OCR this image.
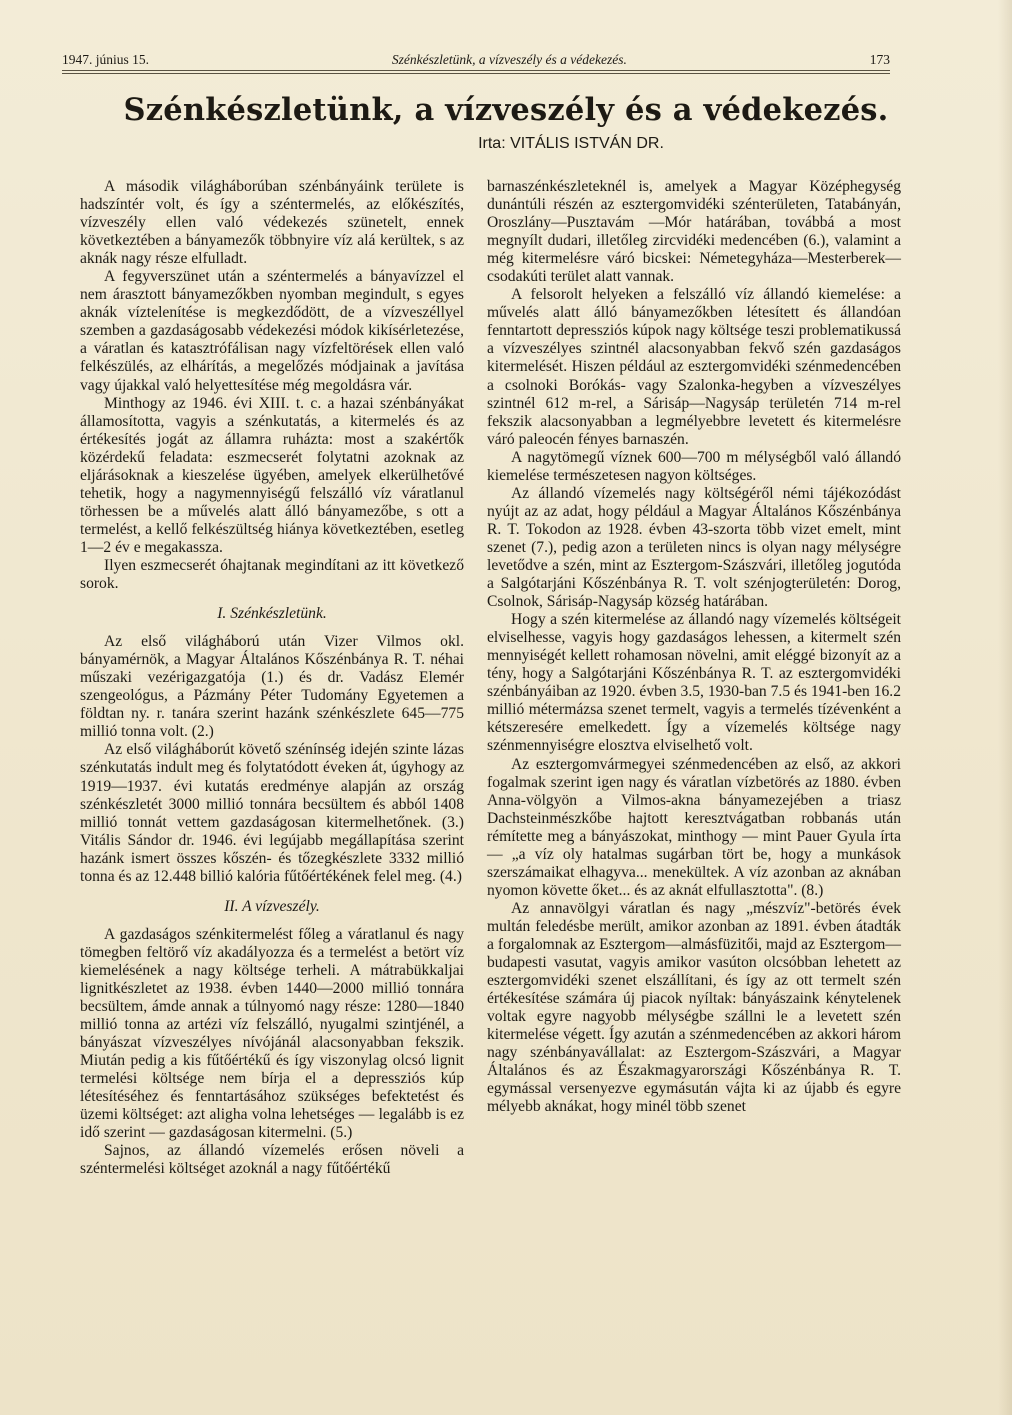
1947. június 15.	Szénkészletünk, a vízveszély és a védekezés.	173
Szénkészletünk, a vízveszély és a védekezés.
Irta: VITÁLIS ISTVÁN DR.

A második világháborúban szénbányáink területe is hadszíntér volt, és így a széntermelés, az előkészítés, vízveszély ellen való védekezés szünetelt, ennek következtében a bányamezők többnyire víz alá kerültek, s az aknák nagy része elfulladt.

A fegyverszünet után a széntermelés a bányavízzel el nem árasztott bányamezőkben nyomban megindult, s egyes aknák víztelenítése is megkezdődött, de a vízveszéllyel szemben a gazdaságosabb védekezési módok kikísérletezése, a váratlan és katasztrófálisan nagy vízfeltörések ellen való felkészülés, az elhárítás, a megelőzés módjainak a javítása vagy újakkal való helyettesítése még megoldásra vár.

Minthogy az 1946. évi XIII. t. c. a hazai szénbányákat államosította, vagyis a szénkutatás, a kitermelés és az értékesítés jogát az államra ruházta: most a szakértők közérdekű feladata: eszmecserét folytatni azoknak az eljárásoknak a kieszelése ügyében, amelyek elkerülhetővé tehetik, hogy a nagymennyiségű felszálló víz váratlanul törhessen be a művelés alatt álló bányamezőbe, s ott a termelést, a kellő felkészültség hiánya következtében, esetleg 1—2 év e megakassza.

Ilyen eszmecserét óhajtanak megindítani az itt következő sorok.

I. Szénkészletünk.

Az első világháború után Vizer Vilmos okl. bányamérnök, a Magyar Általános Kőszénbánya R. T. néhai műszaki vezérigazgatója (1.) és dr. Vadász Elemér szengeológus, a Pázmány Péter Tudomány Egyetemen a földtan ny. r. tanára szerint hazánk szénkészlete 645—775 millió tonna volt. (2.)

Az első világháborút követő szénínség idején szinte lázas szénkutatás indult meg és folytatódott éveken át, úgyhogy az 1919—1937. évi kutatás eredménye alapján az ország szénkészletét 3000 millió tonnára becsültem és abból 1408 millió tonnát vettem gazdaságosan kitermelhetőnek. (3.) Vitális Sándor dr. 1946. évi legújabb megállapítása szerint hazánk ismert összes kőszén- és tőzegkészlete 3332 millió tonna és az 12.448 billió kalória fűtőértékének felel meg. (4.)

II. A vízveszély.

A gazdaságos szénkitermelést főleg a váratlanul és nagy tömegben feltörő víz akadályozza és a termelést a betört víz kiemelésének a nagy költsége terheli. A mátrabükkaljai lignitkészletet az 1938. évben 1440—2000 millió tonnára becsültem, ámde annak a túlnyomó nagy része: 1280—1840 millió tonna az artézi víz felszálló, nyugalmi szintjénél, a bányászat vízveszélyes nívójánál alacsonyabban fekszik. Miután pedig a kis fűtőértékű és így viszonylag olcsó lignit termelési költsége nem bírja el a depressziós kúp létesítéséhez és fenntartásához szükséges befektetést és üzemi költséget: azt aligha volna lehetséges — legalább is ez idő szerint — gazdaságosan kitermelni. (5.)

Sajnos, az állandó vízemelés erősen növeli a széntermelési költséget azoknál a nagy fűtőértékű

barnaszénkészleteknél is, amelyek a Magyar Középhegység dunántúli részén az esztergomvidéki szénterületen, Tatabányán, Oroszlány—Pusztavám —Mór határában, továbbá a most megnyílt dudari, illetőleg zircvidéki medencében (6.), valamint a még kitermelésre váró bicskei: Németegyháza—Mesterberek—csodakúti terület alatt vannak.

A felsorolt helyeken a felszálló víz állandó kiemelése: a művelés alatt álló bányamezőkben létesített és állandóan fenntartott depressziós kúpok nagy költsége teszi problematikussá a vízveszélyes szintnél alacsonyabban fekvő szén gazdaságos kitermelését. Hiszen például az esztergomvidéki szénmedencében a csolnoki Borókás- vagy Szalonka-hegyben a vízveszélyes szintnél 612 m-rel, a Sárisáp—Nagysáp területén 714 m-rel fekszik alacsonyabban a legmélyebbre levetett és kitermelésre váró paleocén fényes barnaszén.

A nagytömegű víznek 600—700 m mélységből való állandó kiemelése természetesen nagyon költséges.

Az állandó vízemelés nagy költségéről némi tájékozódást nyújt az az adat, hogy például a Magyar Általános Kőszénbánya R. T. Tokodon az 1928. évben 43-szorta több vizet emelt, mint szenet (7.), pedig azon a területen nincs is olyan nagy mélységre levetődve a szén, mint az Esztergom-Szászvári, illetőleg jogutóda a Salgótarjáni Kőszénbánya R. T. volt szénjogterületén: Dorog, Csolnok, Sárisáp-Nagysáp község határában.

Hogy a szén kitermelése az állandó nagy vízemelés költségeit elviselhesse, vagyis hogy gazdaságos lehessen, a kitermelt szén mennyiségét kellett rohamosan növelni, amit eléggé bizonyít az a tény, hogy a Salgótarjáni Kőszénbánya R. T. az esztergomvidéki szénbányáiban az 1920. évben 3.5, 1930-ban 7.5 és 1941-ben 16.2 millió métermázsa szenet termelt, vagyis a termelés tízévenként a kétszeresére emelkedett. Így a vízemelés költsége nagy szénmennyiségre elosztva elviselhető volt.

Az esztergomvármegyei szénmedencében az első, az akkori fogalmak szerint igen nagy és váratlan vízbetörés az 1880. évben Anna-völgyön a Vilmos-akna bányamezejében a triasz Dachsteinmészkőbe hajtott keresztvágatban robbanás után rémítette meg a bányászokat, minthogy — mint Pauer Gyula írta — „a víz oly hatalmas sugárban tört be, hogy a munkások szerszámaikat elhagyva... menekültek. A víz azonban az aknában nyomon követte őket... és az aknát elfullasztotta". (8.)

Az annavölgyi váratlan és nagy „mészvíz"-betörés évek multán feledésbe merült, amikor azonban az 1891. évben átadták a forgalomnak az Esztergom—almásfüzitői, majd az Esztergom—budapesti vasutat, vagyis amikor vasúton olcsóbban lehetett az esztergomvidéki szenet elszállítani, és így az ott termelt szén értékesítése számára új piacok nyíltak: bányászaink kénytelenek voltak egyre nagyobb mélységbe szállni le a levetett szén kitermelése végett. Így azután a szénmedencében az akkori három nagy szénbányavállalat: az Esztergom-Szászvári, a Magyar Általános és az Északmagyarországi Kőszénbánya R. T. egymással versenyezve egymásután vájta ki az újabb és egyre mélyebb aknákat, hogy minél több szenet
